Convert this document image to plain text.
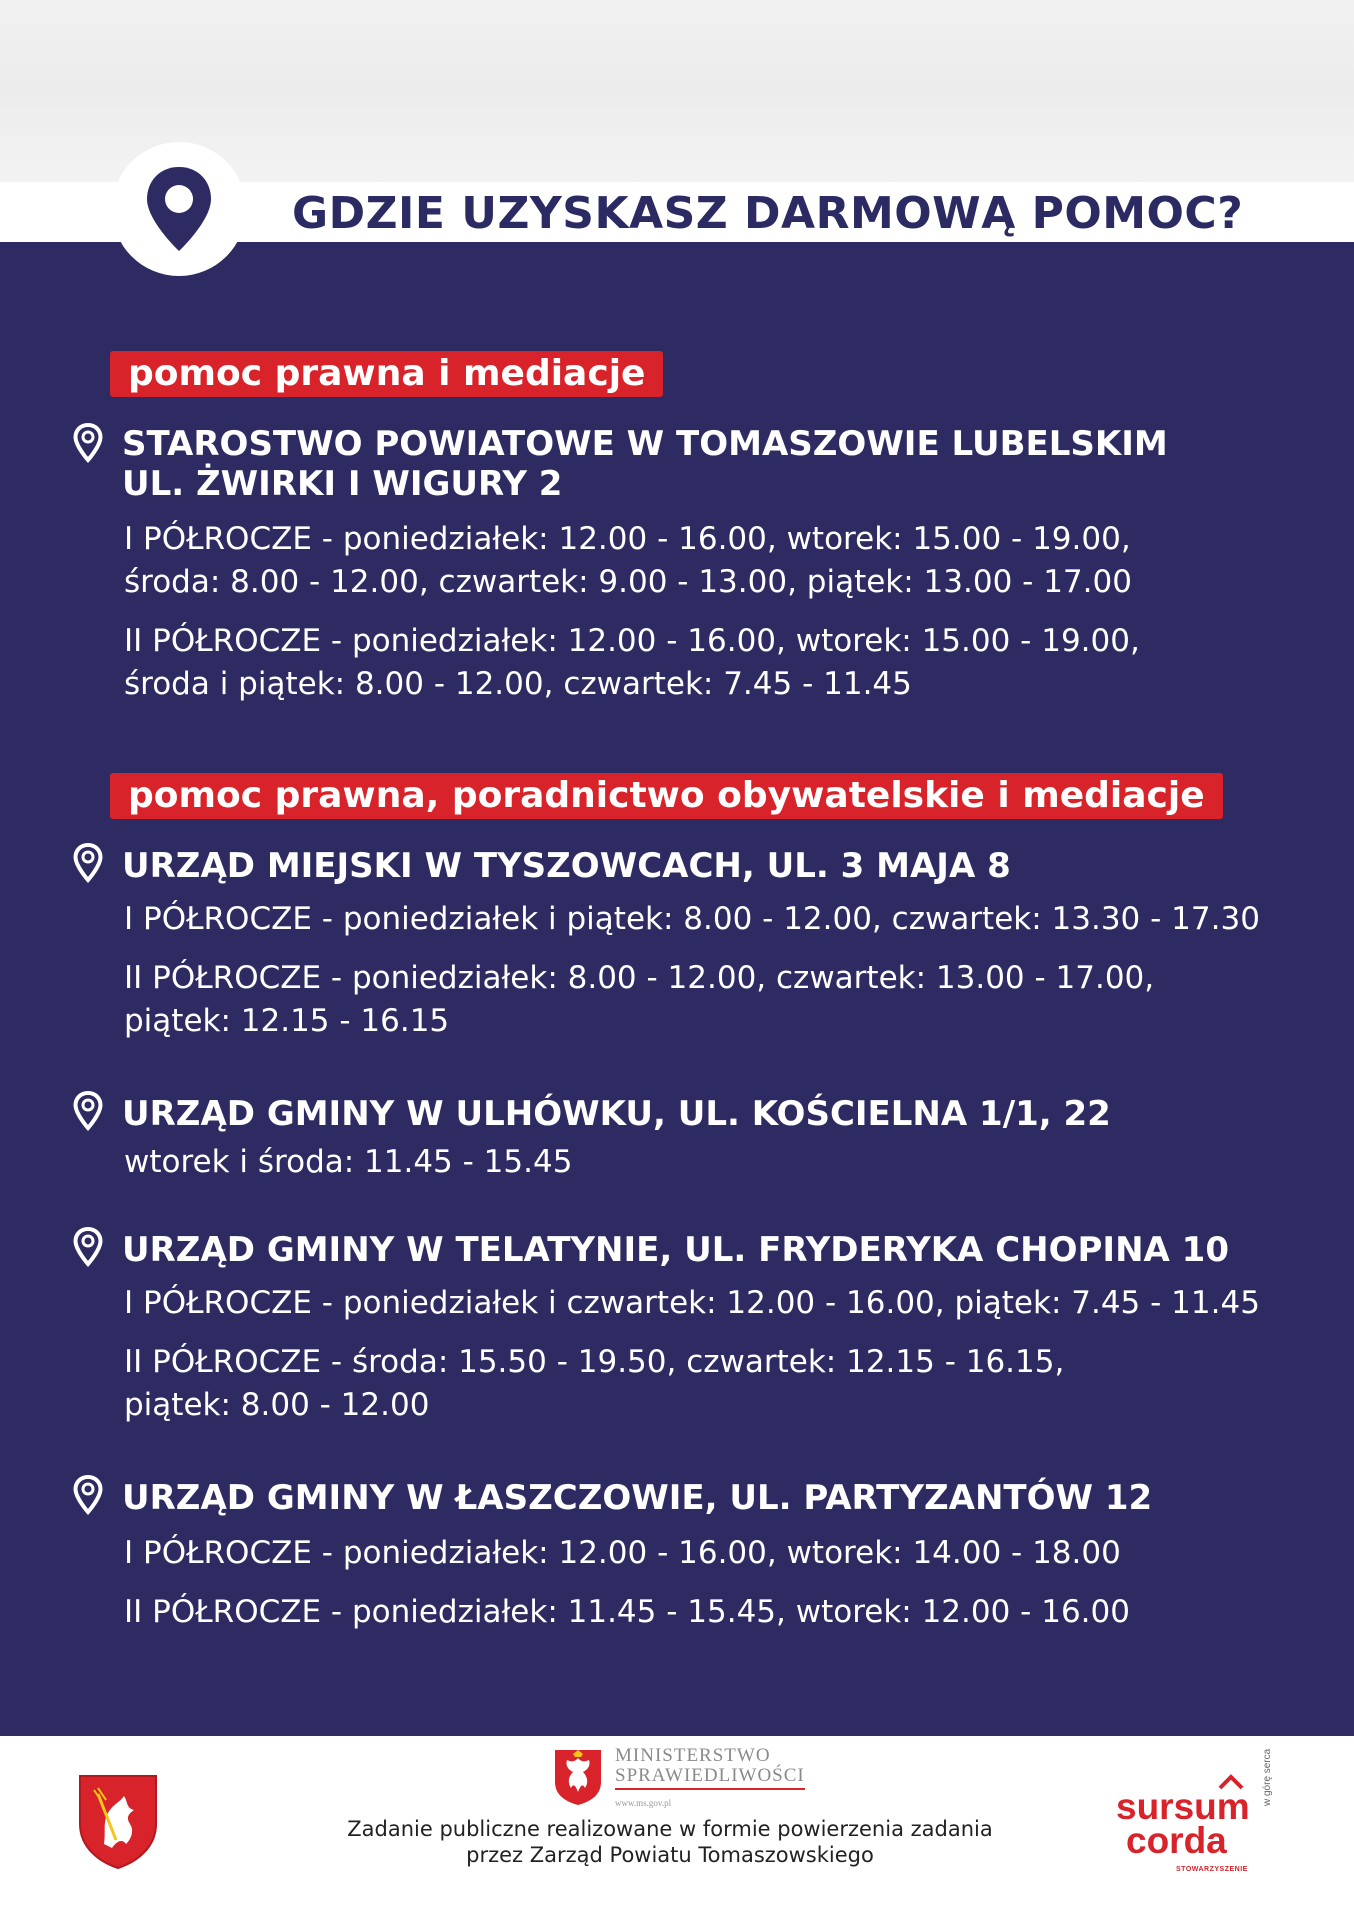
GDZIE UZYSKASZ DARMOWĄ POMOC?
pomoc prawna i mediacje
STAROSTWO POWIATOWE W TOMASZOWIE LUBELSKIM
UL. ŻWIRKI I WIGURY 2
I PÓŁROCZE - poniedziałek: 12.00 - 16.00, wtorek: 15.00 - 19.00,
środa: 8.00 - 12.00, czwartek: 9.00 - 13.00, piątek: 13.00 - 17.00
II PÓŁROCZE - poniedziałek: 12.00 - 16.00, wtorek: 15.00 - 19.00,
środa i piątek: 8.00 - 12.00, czwartek: 7.45 - 11.45
pomoc prawna, poradnictwo obywatelskie i mediacje
URZĄD MIEJSKI W TYSZOWCACH, UL. 3 MAJA 8
I PÓŁROCZE - poniedziałek i piątek: 8.00 - 12.00, czwartek: 13.30 - 17.30
II PÓŁROCZE - poniedziałek: 8.00 - 12.00, czwartek: 13.00 - 17.00,
piątek: 12.15 - 16.15
URZĄD GMINY W ULHÓWKU, UL. KOŚCIELNA 1/1, 22
wtorek i środa: 11.45 - 15.45
URZĄD GMINY W TELATYNIE, UL. FRYDERYKA CHOPINA 10
I PÓŁROCZE - poniedziałek i czwartek: 12.00 - 16.00, piątek: 7.45 - 11.45
II PÓŁROCZE - środa: 15.50 - 19.50, czwartek: 12.15 - 16.15,
piątek: 8.00 - 12.00
URZĄD GMINY W ŁASZCZOWIE, UL. PARTYZANTÓW 12
I PÓŁROCZE - poniedziałek: 12.00 - 16.00, wtorek: 14.00 - 18.00
II PÓŁROCZE - poniedziałek: 11.45 - 15.45, wtorek: 12.00 - 16.00
MINISTERSTWO
SPRAWIEDLIWOŚCI
www.ms.gov.pl
Zadanie publiczne realizowane w formie powierzenia zadania
przez Zarząd Powiatu Tomaszowskiego
sursum
corda
STOWARZYSZENIE
w górę serca
